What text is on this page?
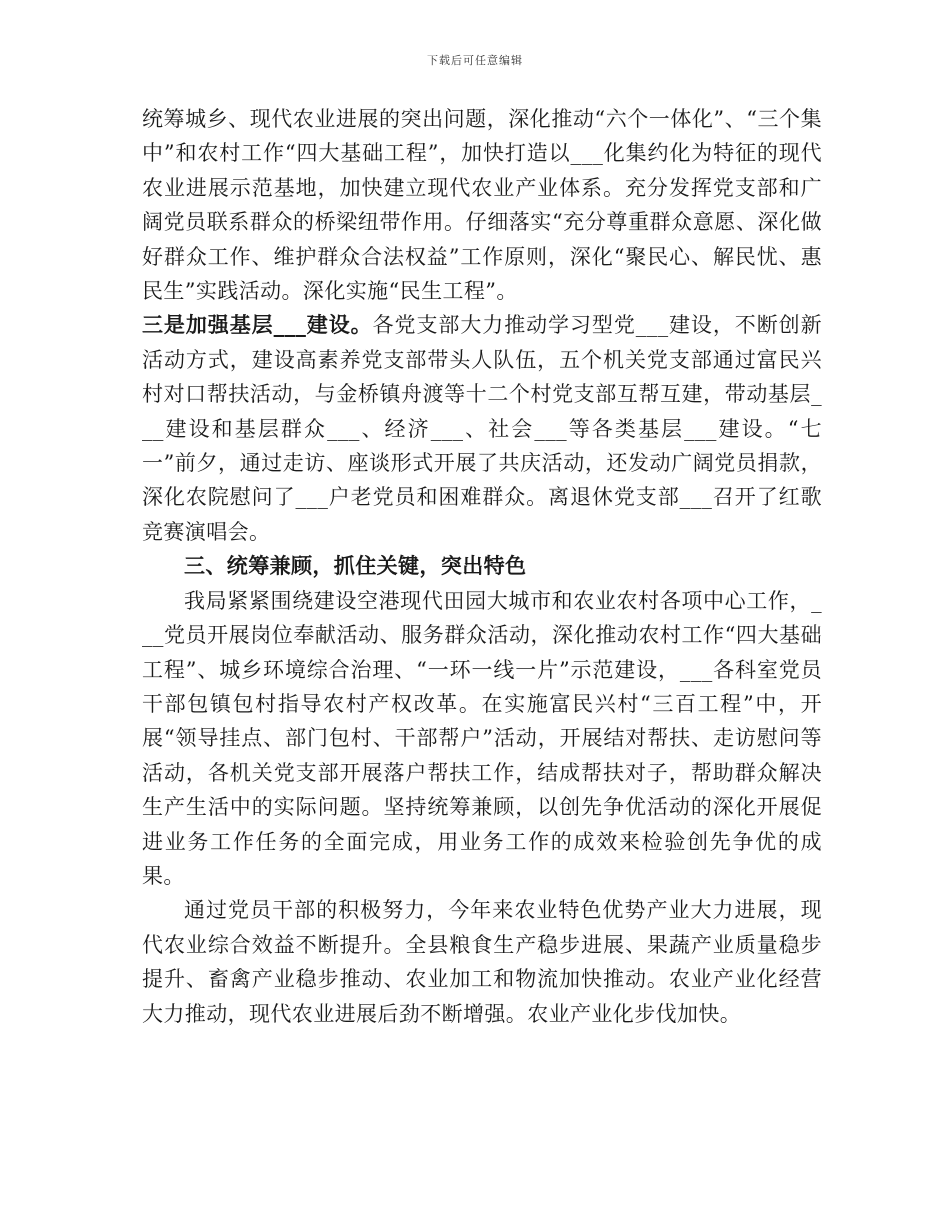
下载后可任意编辑

统筹城乡、现代农业进展的突出问题，深化推动“六个一体化”、“三个集中”和农村工作“四大基础工程”，加快打造以___化集约化为特征的现代农业进展示范基地，加快建立现代农业产业体系。充分发挥党支部和广阔党员联系群众的桥梁纽带作用。仔细落实“充分尊重群众意愿、深化做好群众工作、维护群众合法权益”工作原则，深化“聚民心、解民忧、惠民生”实践活动。深化实施“民生工程”。

三是加强基层___建设。各党支部大力推动学习型党___建设，不断创新活动方式，建设高素养党支部带头人队伍，五个机关党支部通过富民兴村对口帮扶活动，与金桥镇舟渡等十二个村党支部互帮互建，带动基层___建设和基层群众___、经济___、社会___等各类基层___建设。“七一”前夕，通过走访、座谈形式开展了共庆活动，还发动广阔党员捐款，深化农院慰问了___户老党员和困难群众。离退休党支部___召开了红歌竞赛演唱会。

三、统筹兼顾，抓住关键，突出特色

我局紧紧围绕建设空港现代田园大城市和农业农村各项中心工作，___党员开展岗位奉献活动、服务群众活动，深化推动农村工作“四大基础工程”、城乡环境综合治理、“一环一线一片”示范建设，___各科室党员干部包镇包村指导农村产权改革。在实施富民兴村“三百工程”中，开展“领导挂点、部门包村、干部帮户”活动，开展结对帮扶、走访慰问等活动，各机关党支部开展落户帮扶工作，结成帮扶对子，帮助群众解决生产生活中的实际问题。坚持统筹兼顾，以创先争优活动的深化开展促进业务工作任务的全面完成，用业务工作的成效来检验创先争优的成果。

通过党员干部的积极努力，今年来农业特色优势产业大力进展，现代农业综合效益不断提升。全县粮食生产稳步进展、果蔬产业质量稳步提升、畜禽产业稳步推动、农业加工和物流加快推动。农业产业化经营大力推动，现代农业进展后劲不断增强。农业产业化步伐加快。
